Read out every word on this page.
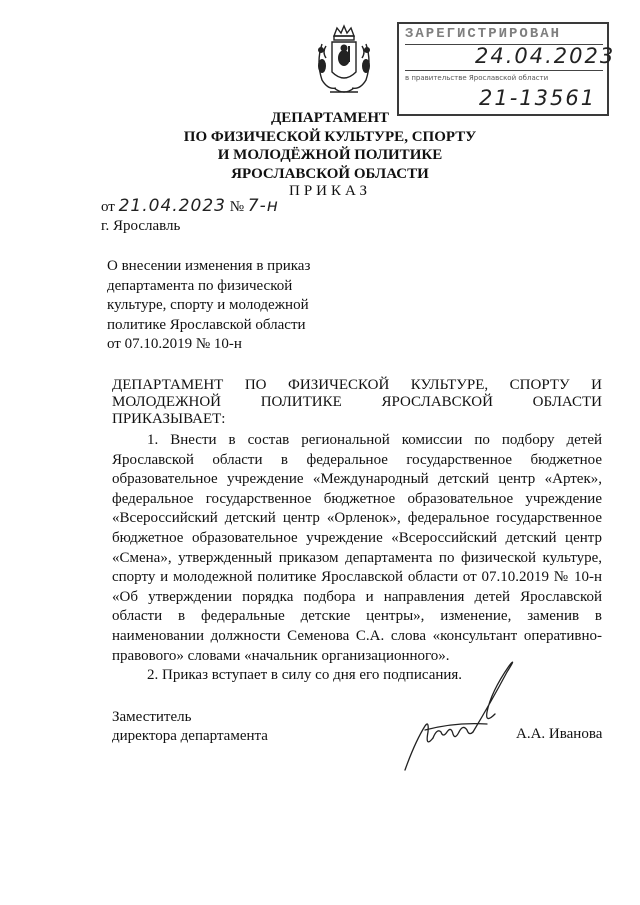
ЗАРЕГИСТРИРОВАН
24.04.2023
в правительстве Ярославской области
21-13561
ДЕПАРТАМЕНТ
ПО ФИЗИЧЕСКОЙ КУЛЬТУРЕ, СПОРТУ
И МОЛОДЁЖНОЙ ПОЛИТИКЕ
ЯРОСЛАВСКОЙ ОБЛАСТИ
ПРИКАЗ
от 21.04.2023 № 7-н
г. Ярославль
О внесении изменения в приказ
департамента по физической
культуре, спорту и молодежной
политике Ярославской области
от 07.10.2019 № 10-н
ДЕПАРТАМЕНТ ПО ФИЗИЧЕСКОЙ КУЛЬТУРЕ, СПОРТУ И МОЛОДЕЖНОЙ ПОЛИТИКЕ ЯРОСЛАВСКОЙ ОБЛАСТИ
ПРИКАЗЫВАЕТ:

1. Внести в состав региональной комиссии по подбору детей Ярославской области в федеральное государственное бюджетное образовательное учреждение «Международный детский центр «Артек», федеральное государственное бюджетное образовательное учреждение «Всероссийский детский центр «Орленок», федеральное государственное бюджетное образовательное учреждение «Всероссийский детский центр «Смена», утвержденный приказом департамента по физической культуре, спорту и молодежной политике Ярославской области от 07.10.2019 № 10-н «Об утверждении порядка подбора и направления детей Ярославской области в федеральные детские центры», изменение, заменив в наименовании должности Семенова С.А. слова «консультант оперативно-правового» словами «начальник организационного».

2. Приказ вступает в силу со дня его подписания.

Заместитель
директора департамента	А.А. Иванова
